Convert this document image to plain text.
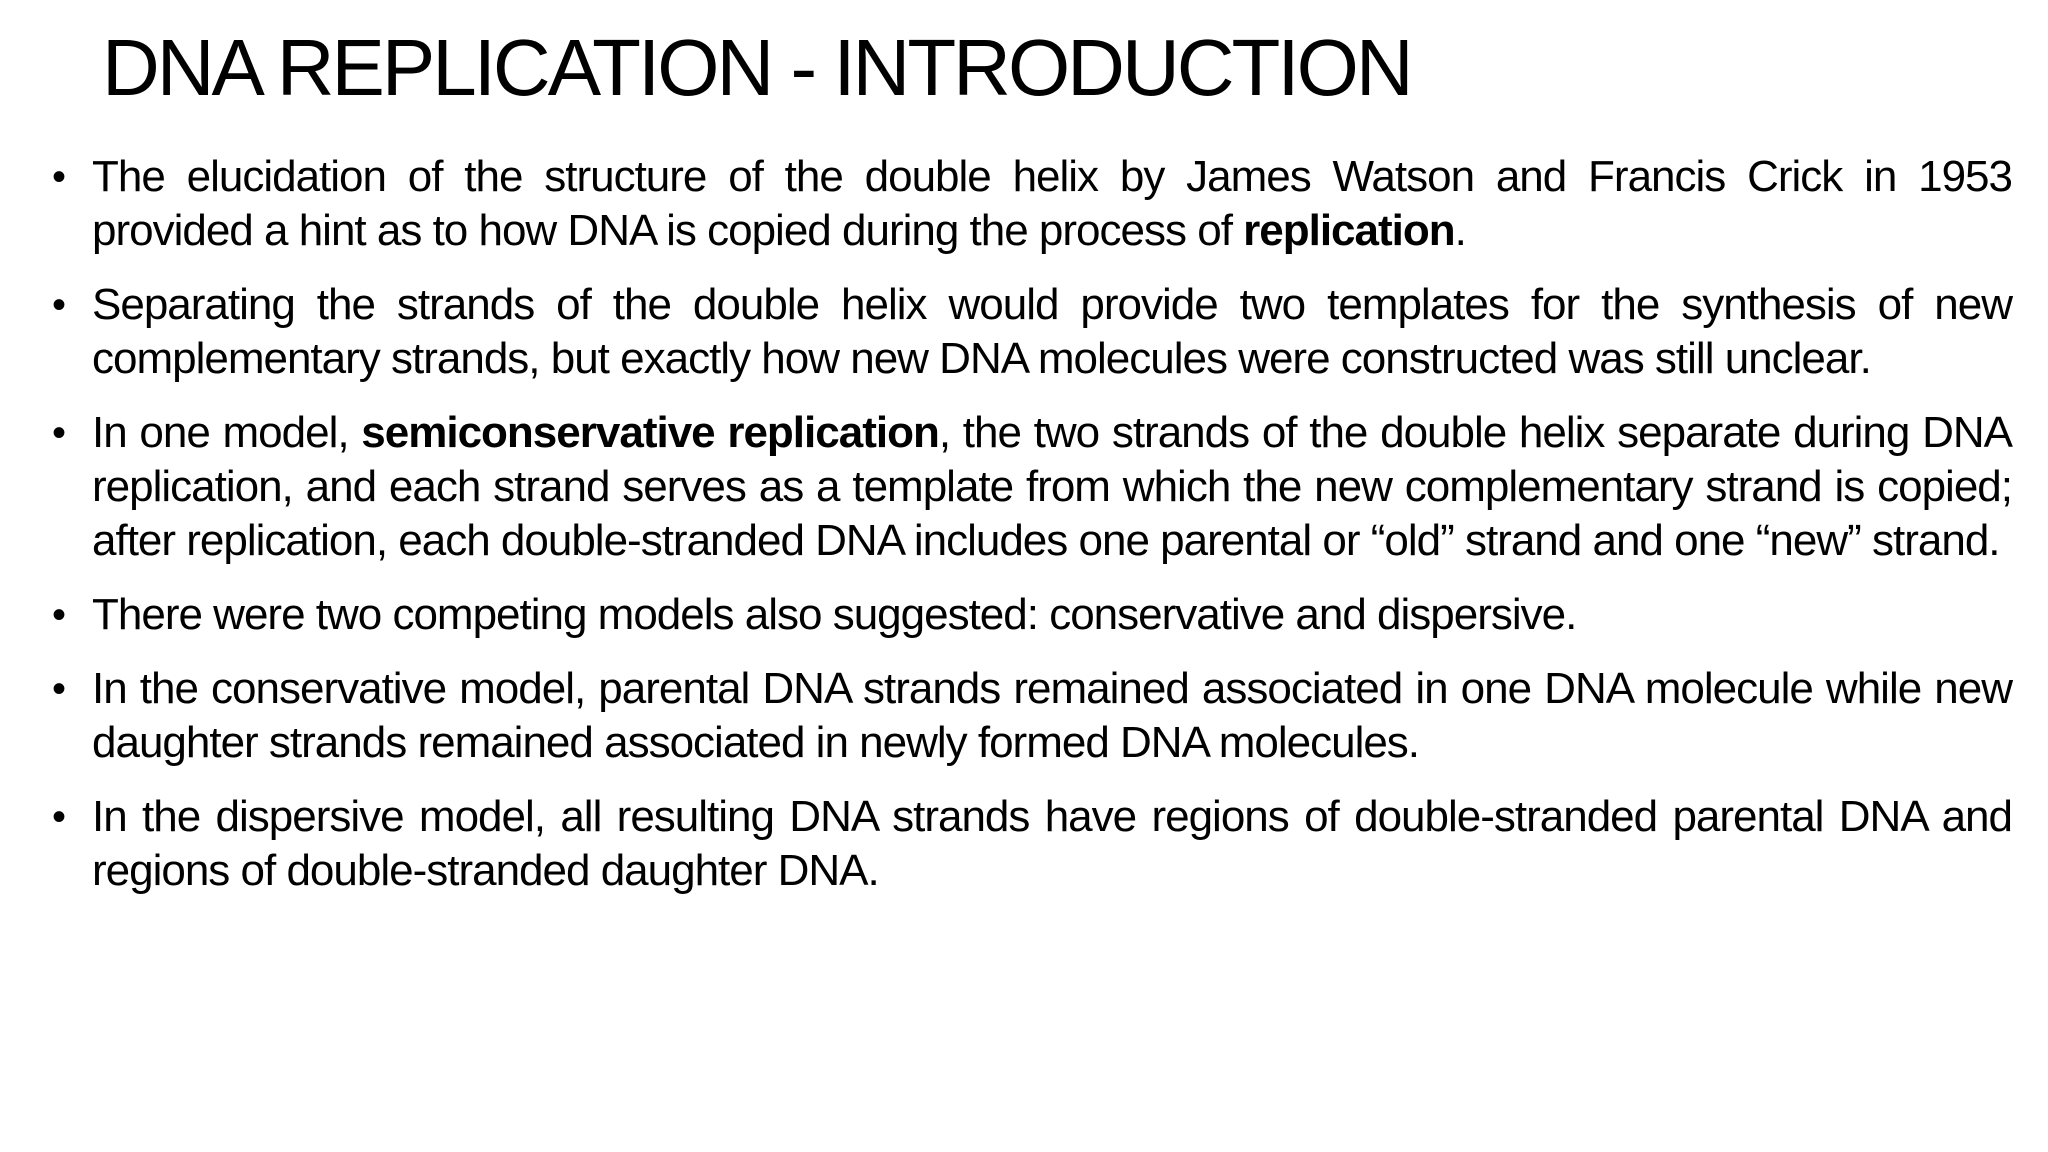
DNA REPLICATION - INTRODUCTION
• The elucidation of the structure of the double helix by James Watson and Francis Crick in 1953 provided a hint as to how DNA is copied during the process of replication.
• Separating the strands of the double helix would provide two templates for the synthesis of new complementary strands, but exactly how new DNA molecules were constructed was still unclear.
• In one model, semiconservative replication, the two strands of the double helix separate during DNA replication, and each strand serves as a template from which the new complementary strand is copied; after replication, each double-stranded DNA includes one parental or “old” strand and one “new” strand.
• There were two competing models also suggested: conservative and dispersive.
• In the conservative model, parental DNA strands remained associated in one DNA molecule while new daughter strands remained associated in newly formed DNA molecules.
• In the dispersive model, all resulting DNA strands have regions of double-stranded parental DNA and regions of double-stranded daughter DNA.
